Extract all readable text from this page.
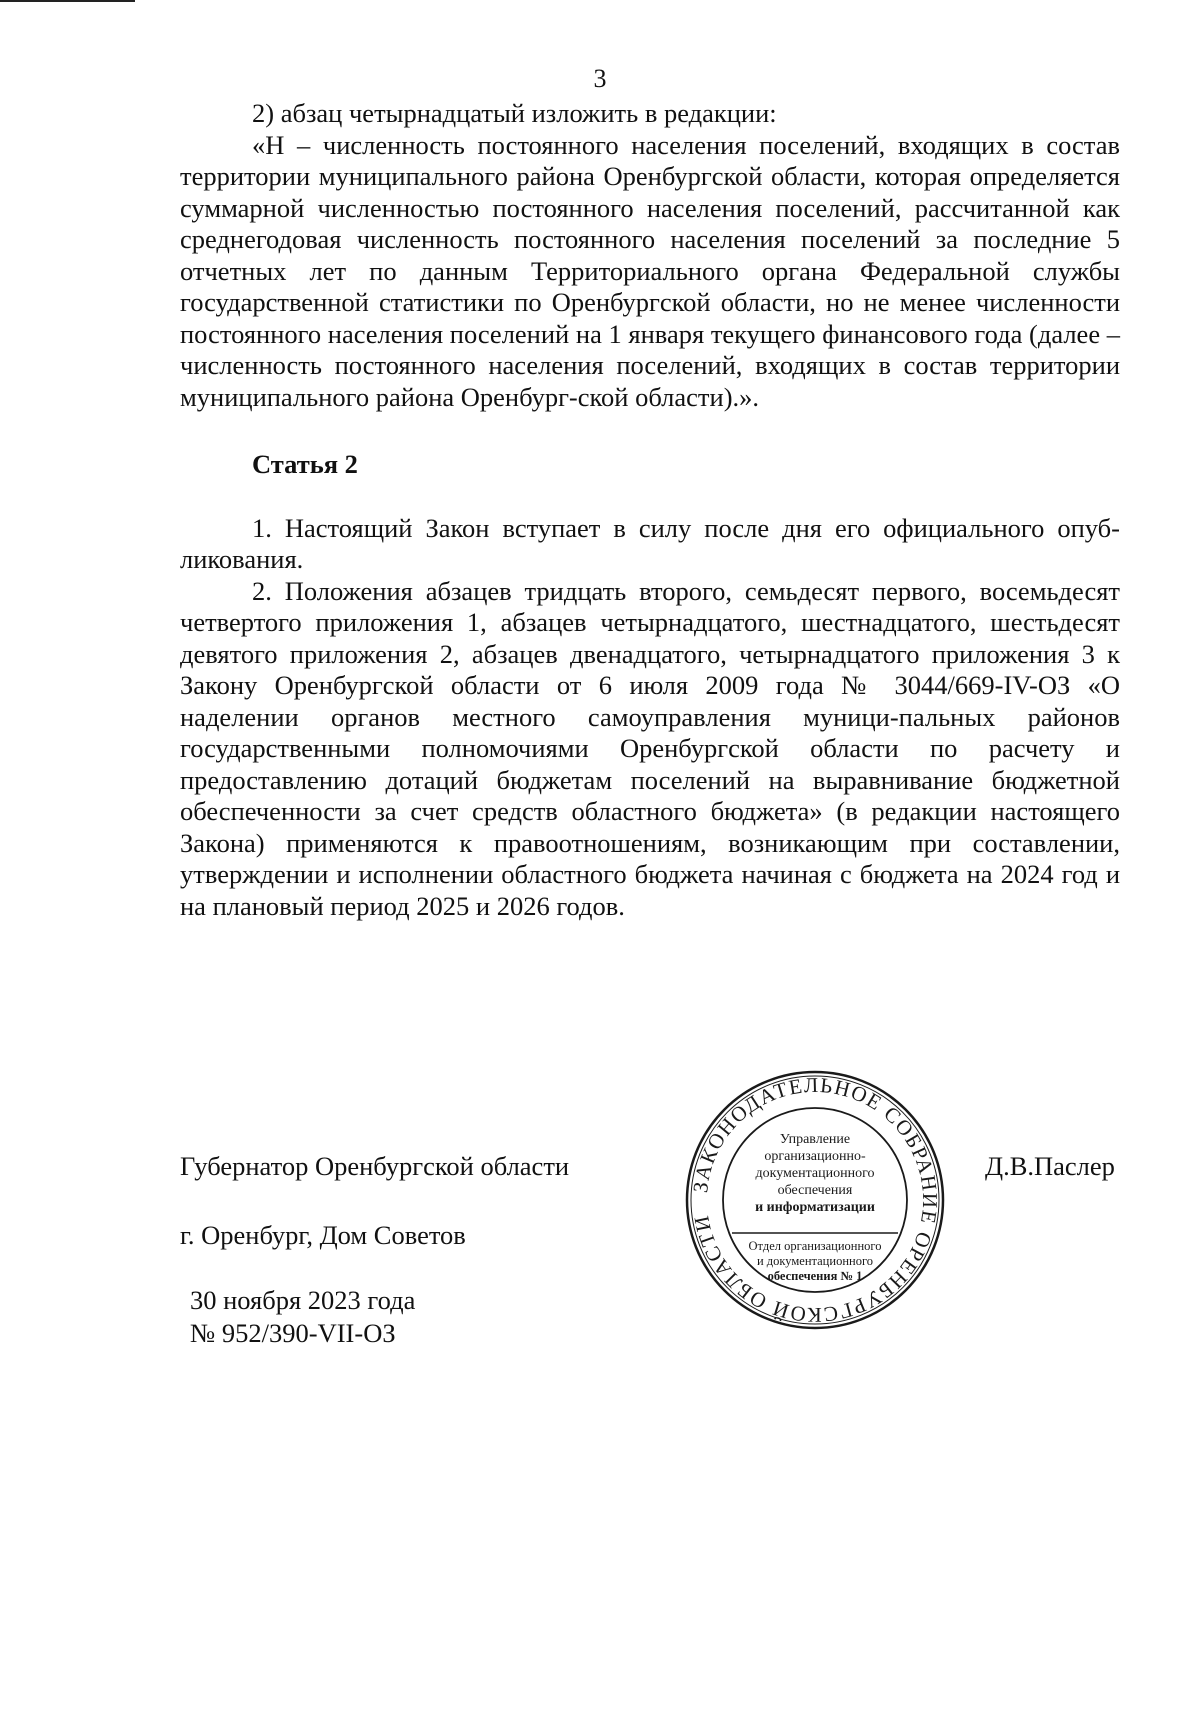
3

2) абзац четырнадцатый изложить в редакции:

«Н – численность постоянного населения поселений, входящих в состав территории муниципального района Оренбургской области, которая определяется суммарной численностью постоянного населения поселений, рассчитанной как среднегодовая численность постоянного населения поселений за последние 5 отчетных лет по данным Территориального органа Федеральной службы государственной статистики по Оренбургской области, но не менее численности постоянного населения поселений на 1 января текущего финансового года (далее – численность постоянного населения поселений, входящих в состав территории муниципального района Оренбург-ской области).».

Статья 2

1. Настоящий Закон вступает в силу после дня его официального опуб-ликования.

2. Положения абзацев тридцать второго, семьдесят первого, восемьдесят четвертого приложения 1, абзацев четырнадцатого, шестнадцатого, шестьдесят девятого приложения 2, абзацев двенадцатого, четырнадцатого приложения 3 к Закону Оренбургской области от 6 июля 2009 года № 3044/669-IV-ОЗ «О наделении органов местного самоуправления муници-пальных районов государственными полномочиями Оренбургской области по расчету и предоставлению дотаций бюджетам поселений на выравнивание бюджетной обеспеченности за счет средств областного бюджета» (в редакции настоящего Закона) применяются к правоотношениям, возникающим при составлении, утверждении и исполнении областного бюджета начиная с бюджета на 2024 год и на плановый период 2025 и 2026 годов.

Губернатор Оренбургской области	Д.В.Паслер
г. Оренбург, Дом Советов
30 ноября 2023 года
№ 952/390-VII-ОЗ
ЗАКОНОДАТЕЛЬНОЕ СОБРАНИЕ ОРЕНБУРГСКОЙ ОБЛАСТИ
Управление
организационно-
документационного
обеспечения
и информатизации
Отдел организационного
и документационного
обеспечения № 1
